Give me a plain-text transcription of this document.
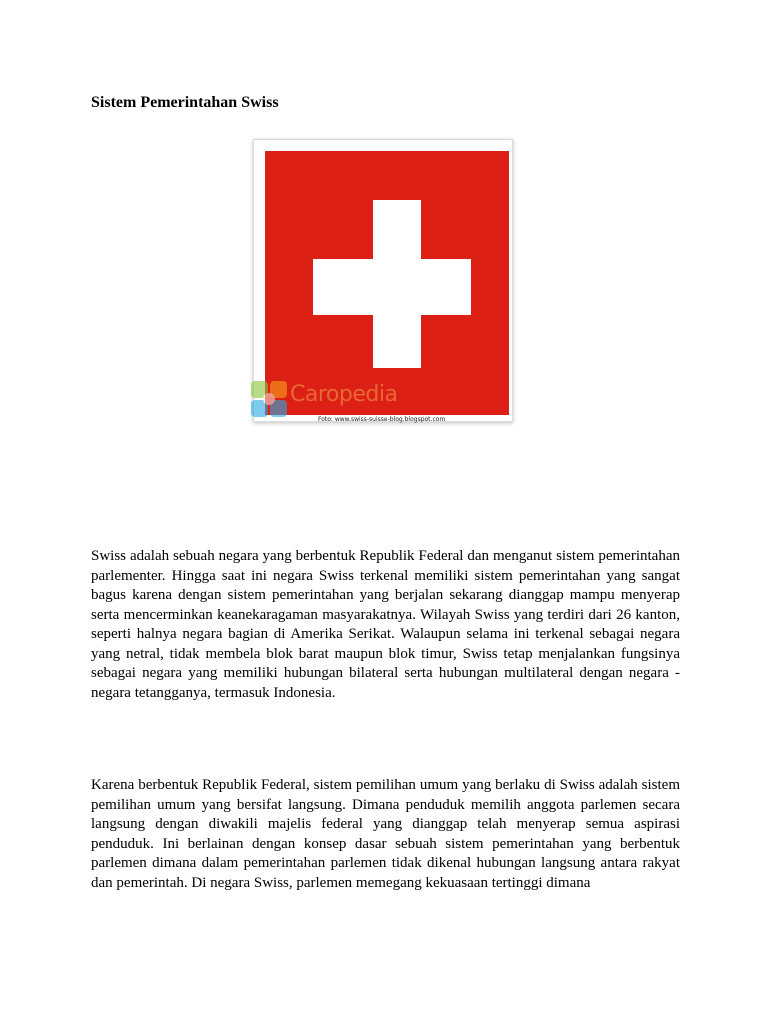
Sistem Pemerintahan Swiss
Caropedia
Foto: www.swiss-suisse-blog.blogspot.com

Swiss adalah sebuah negara yang berbentuk Republik Federal dan menganut sistem pemerintahan parlementer. Hingga saat ini negara Swiss terkenal memiliki sistem pemerintahan yang sangat bagus karena dengan sistem pemerintahan yang berjalan sekarang dianggap mampu menyerap serta mencerminkan keanekaragaman masyarakatnya. Wilayah Swiss yang terdiri dari 26 kanton, seperti halnya negara bagian di Amerika Serikat. Walaupun selama ini terkenal sebagai negara yang netral, tidak membela blok barat maupun blok timur, Swiss tetap menjalankan fungsinya sebagai negara yang memiliki hubungan bilateral serta hubungan multilateral dengan negara - negara tetangganya, termasuk Indonesia.

Karena berbentuk Republik Federal, sistem pemilihan umum yang berlaku di Swiss adalah sistem pemilihan umum yang bersifat langsung. Dimana penduduk memilih anggota parlemen secara langsung dengan diwakili majelis federal yang dianggap telah menyerap semua aspirasi penduduk. Ini berlainan dengan konsep dasar sebuah sistem pemerintahan yang berbentuk parlemen dimana dalam pemerintahan parlemen tidak dikenal hubungan langsung antara rakyat dan pemerintah. Di negara Swiss, parlemen memegang kekuasaan tertinggi dimana
